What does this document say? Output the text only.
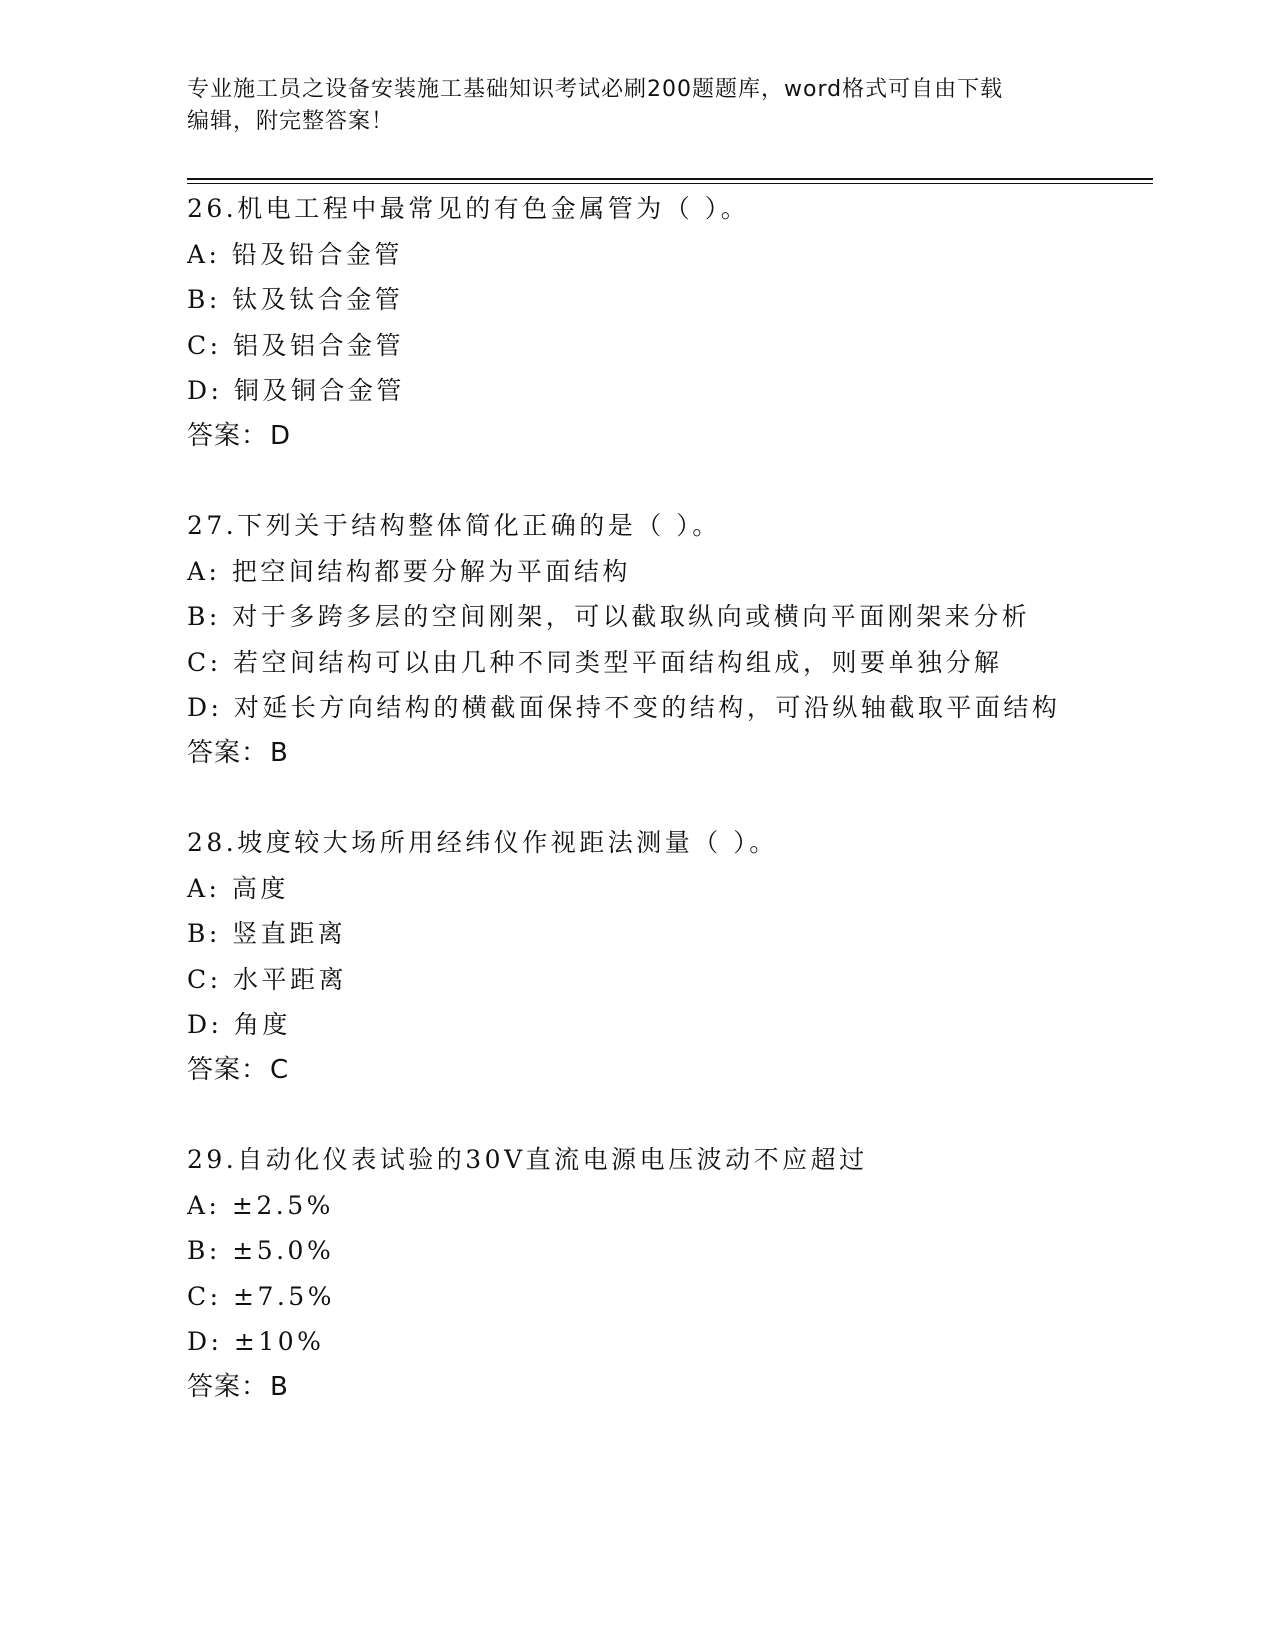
专业施工员之设备安装施工基础知识考试必刷200题题库，word格式可自由下载
编辑，附完整答案！
26.机电工程中最常见的有色金属管为（ ）。
A: 铅及铅合金管
B: 钛及钛合金管
C: 铝及铝合金管
D: 铜及铜合金管
答案：D
27.下列关于结构整体简化正确的是（ ）。
A: 把空间结构都要分解为平面结构
B: 对于多跨多层的空间刚架，可以截取纵向或横向平面刚架来分析
C: 若空间结构可以由几种不同类型平面结构组成，则要单独分解
D: 对延长方向结构的横截面保持不变的结构，可沿纵轴截取平面结构
答案：B
28.坡度较大场所用经纬仪作视距法测量（ ）。
A: 高度
B: 竖直距离
C: 水平距离
D: 角度
答案：C
29.自动化仪表试验的30V直流电源电压波动不应超过
A: ±2.5%
B: ±5.0%
C: ±7.5%
D: ±10%
答案：B
